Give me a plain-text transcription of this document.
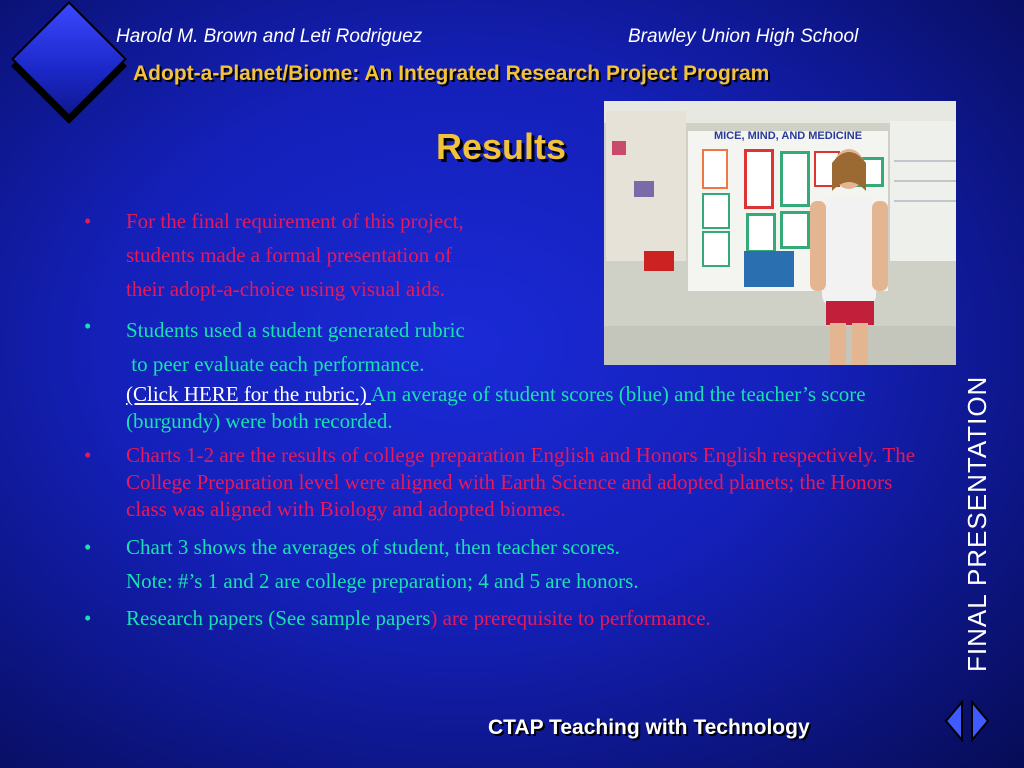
Harold M. Brown and Leti Rodriguez	Brawley Union High School
Adopt-a-Planet/Biome: An Integrated Research Project Program
Results	MICE, MIND, AND MEDICINE
• For the final requirement of this project,
students made a formal presentation of
their adopt-a-choice using visual aids.
• Students used a student generated rubric
to peer evaluate each performance.
(Click HERE for the rubric.) An average of student scores (blue) and the teacher’s score (burgundy) were both recorded.
• Charts 1-2 are the results of college preparation English and Honors English respectively. The College Preparation level were aligned with Earth Science and adopted planets; the Honors class was aligned with Biology and adopted biomes.
• Chart 3 shows the averages of student, then teacher scores.
Note: #’s 1 and 2 are college preparation; 4 and 5 are honors.
• Research papers (See sample papers) are prerequisite to performance.
CTAP Teaching with Technology
FINAL PRESENTATION
